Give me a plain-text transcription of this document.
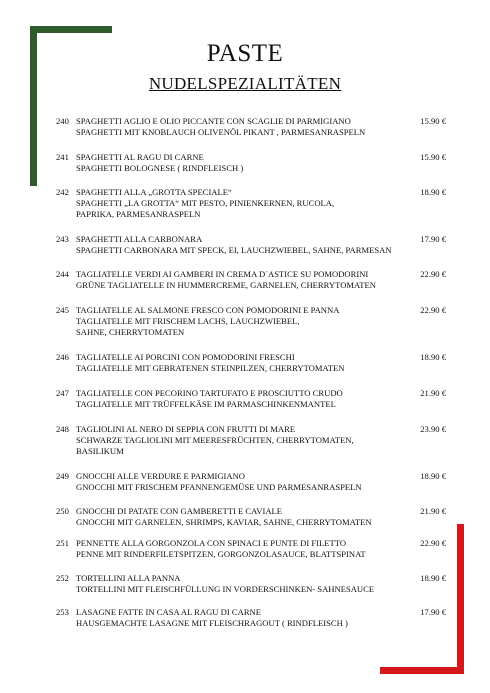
PASTE
NUDELSPEZIALITÄTEN
240 SPAGHETTI AGLIO E OLIO PICCANTE CON SCAGLIE DI PARMIGIANO	15.90 €
SPAGHETTI MIT KNOBLAUCH OLIVENÖL PIKANT , PARMESANRASPELN
241 SPAGHETTI AL RAGU DI CARNE	15.90 €
SPAGHETTI BOLOGNESE ( RINDFLEISCH )
242 SPAGHETTI ALLA „GROTTA SPECIALE“	18.90 €
SPAGHETTI „LA GROTTA“ MIT PESTO, PINIENKERNEN, RUCOLA,
PAPRIKA, PARMESANRASPELN
243 SPAGHETTI ALLA CARBONARA	17.90 €
SPAGHETTI CARBONARA MIT SPECK, EI, LAUCHZWIEBEL, SAHNE, PARMESAN
244 TAGLIATELLE VERDI AI GAMBERI IN CREMA D´ASTICE SU POMODORINI	22.90 €
GRÜNE TAGLIATELLE IN HUMMERCREME, GARNELEN, CHERRYTOMATEN
245 TAGLIATELLE AL SALMONE FRESCO CON POMODORINI E PANNA	22.90 €
TAGLIATELLE MIT FRISCHEM LACHS, LAUCHZWIEBEL,
SAHNE, CHERRYTOMATEN
246 TAGLIATELLE AI PORCINI CON POMODORINI FRESCHI	18.90 €
TAGLIATELLE MIT GEBRATENEN STEINPILZEN, CHERRYTOMATEN
247 TAGLIATELLE CON PECORINO TARTUFATO E PROSCIUTTO CRUDO	21.90 €
TAGLIATELLE MIT TRÜFFELKÄSE IM PARMASCHINKENMANTEL
248 TAGLIOLINI AL NERO DI SEPPIA CON FRUTTI DI MARE	23.90 €
SCHWARZE TAGLIOLINI MIT MEERESFRÜCHTEN, CHERRYTOMATEN,
BASILIKUM
249 GNOCCHI ALLE VERDURE E PARMIGIANO	18.90 €
GNOCCHI MIT FRISCHEM PFANNENGEMÜSE UND PARMESANRASPELN
250 GNOCCHI DI PATATE CON GAMBERETTI E CAVIALE	21.90 €
GNOCCHI MIT GARNELEN, SHRIMPS, KAVIAR, SAHNE, CHERRYTOMATEN
251 PENNETTE ALLA GORGONZOLA CON SPINACI E PUNTE DI FILETTO	22.90 €
PENNE MIT RINDERFILETSPITZEN, GORGONZOLASAUCE, BLATTSPINAT
252 TORTELLINI ALLA PANNA	18.90 €
TORTELLINI MIT FLEISCHFÜLLUNG IN VORDERSCHINKEN- SAHNESAUCE
253 LASAGNE FATTE IN CASA AL RAGU DI CARNE	17.90 €
HAUSGEMACHTE LASAGNE MIT FLEISCHRAGOUT ( RINDFLEISCH )
